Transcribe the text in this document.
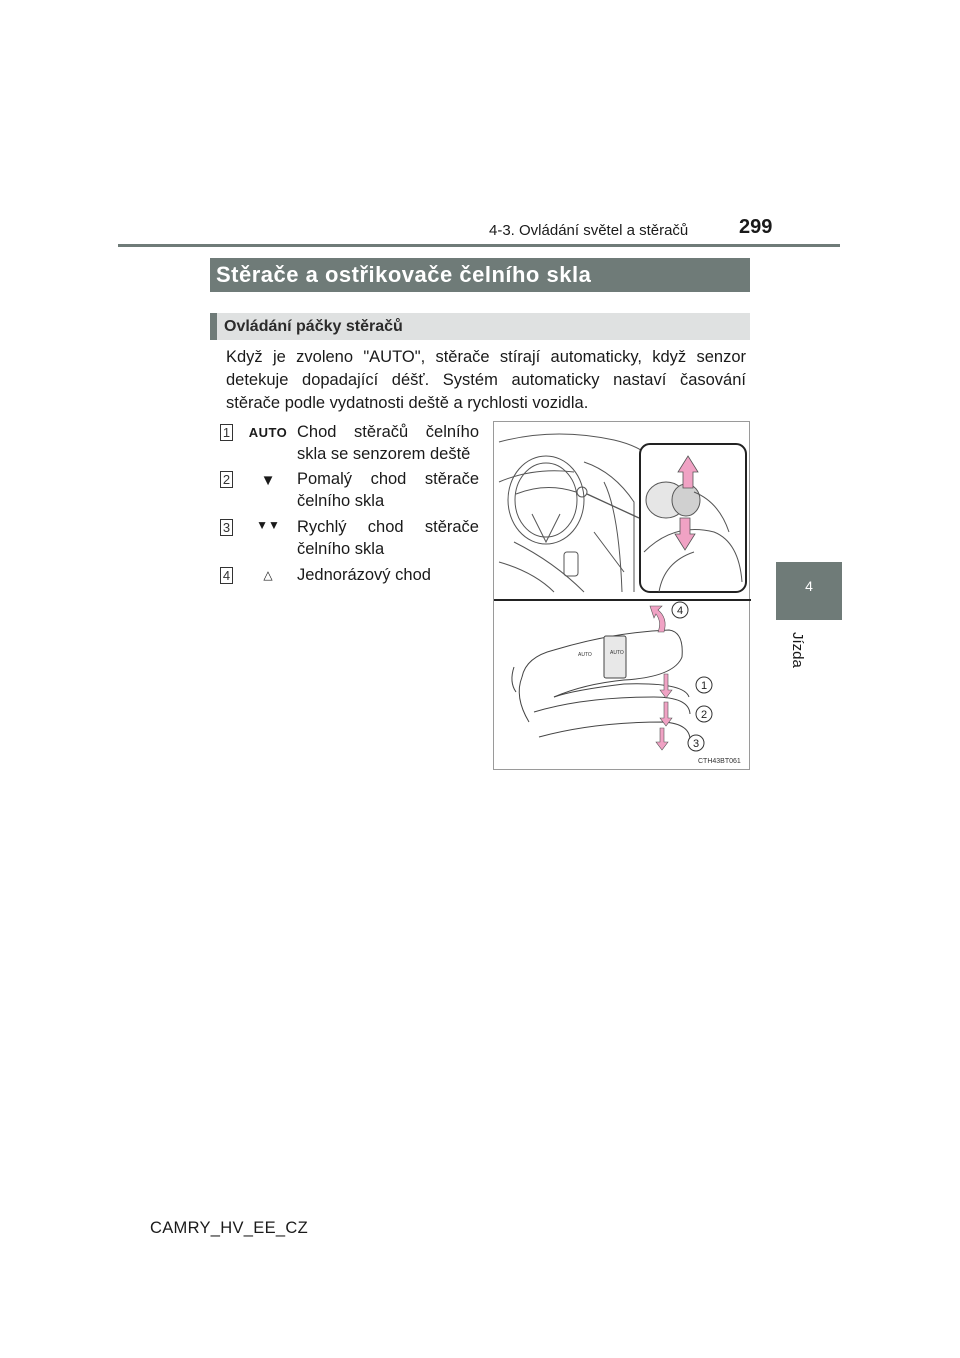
4-3. Ovládání světel a stěračů	299
4
Jízda
Stěrače a ostřikovače čelního skla
Ovládání páčky stěračů
Když je zvoleno "AUTO", stěrače stírají automaticky, když senzor detekuje dopadající déšť. Systém automaticky nastaví časování stěrače podle vydatnosti deště a rychlosti vozidla.
1 AUTO Chod stěračů čelního skla se senzorem deště
2	▼	Pomalý chod stěrače čelního skla
3	▼▼	Rychlý chod stěrače čelního skla
4	△	Jednorázový chod
AUTO	AUTO
4
1
2
3
CTH43BT061
CAMRY_HV_EE_CZ
